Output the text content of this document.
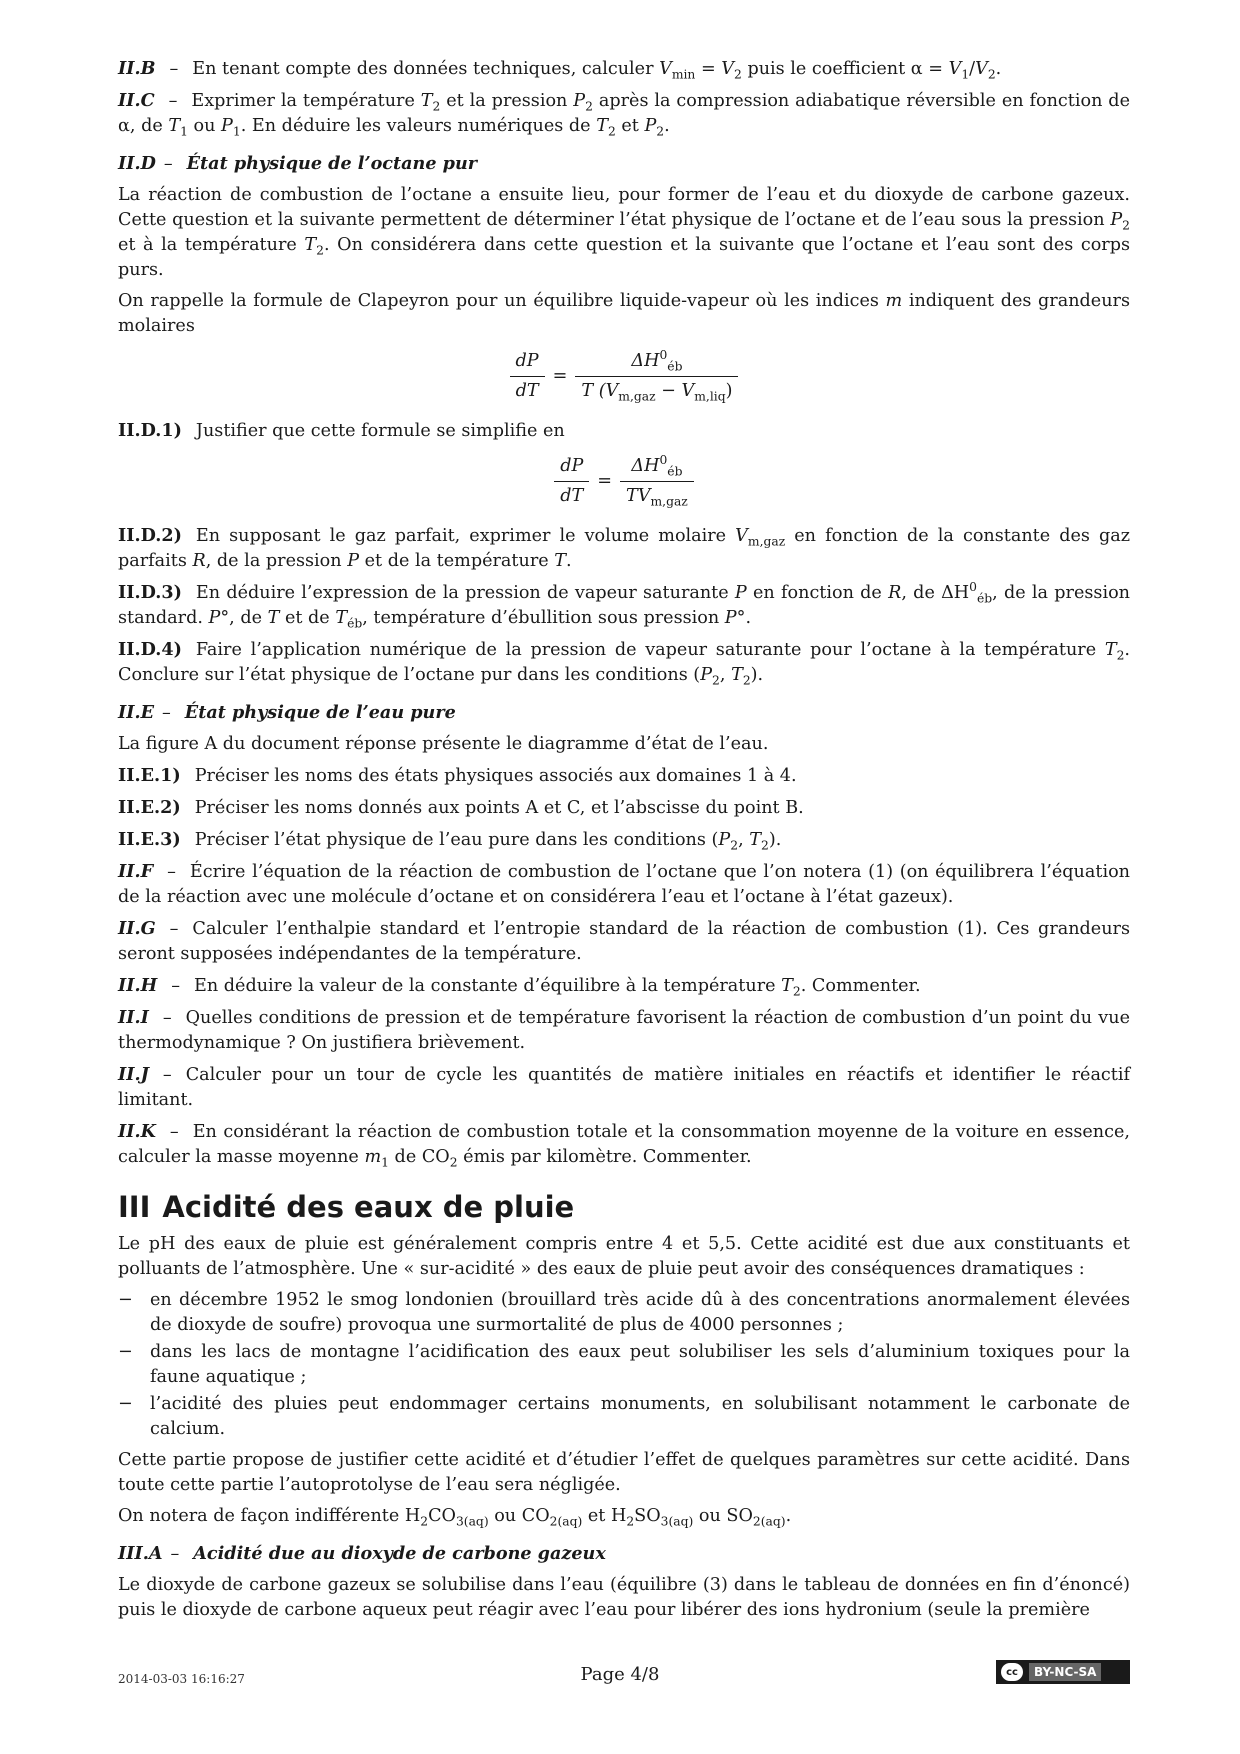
II.B – En tenant compte des données techniques, calculer $V_{min} = V_2$ puis le coefficient $\alpha = V_1/V_2$.

II.C – Exprimer la température $T_2$ et la pression $P_2$ après la compression adiabatique réversible en fonction de α, de $T_1$ ou $P_1$. En déduire les valeurs numériques de $T_2$ et $P_2$.

II.D – État physique de l’octane pur

La réaction de combustion de l’octane a ensuite lieu, pour former de l’eau et du dioxyde de carbone gazeux. Cette question et la suivante permettent de déterminer l’état physique de l’octane et de l’eau sous la pression $P_2$ et à la température $T_2$. On considérera dans cette question et la suivante que l’octane et l’eau sont des corps purs.

On rappelle la formule de Clapeyron pour un équilibre liquide-vapeur où les indices m indiquent des grandeurs molaires

$\frac{dP}{dT} = \frac{\Delta H^0_{éb}}{T (V_{m,gaz} - V_{m,liq})}$

II.D.1) Justifier que cette formule se simplifie en

$\frac{dP}{dT} = \frac{\Delta H^0_{éb}}{TV_{m,gaz}}$

II.D.2) En supposant le gaz parfait, exprimer le volume molaire $V_{m,gaz}$ en fonction de la constante des gaz parfaits R, de la pression P et de la température T.

II.D.3) En déduire l’expression de la pression de vapeur saturante P en fonction de R, de $\Delta H^0_{éb}$, de la pression standard. P°, de T et de $T_{éb}$, température d’ébullition sous pression P°.

II.D.4) Faire l’application numérique de la pression de vapeur saturante pour l’octane à la température $T_2$. Conclure sur l’état physique de l’octane pur dans les conditions ($P_2$, $T_2$).

II.E – État physique de l’eau pure

La figure A du document réponse présente le diagramme d’état de l’eau.

II.E.1) Préciser les noms des états physiques associés aux domaines 1 à 4.

II.E.2) Préciser les noms donnés aux points A et C, et l’abscisse du point B.

II.E.3) Préciser l’état physique de l’eau pure dans les conditions ($P_2$, $T_2$).

II.F – Écrire l’équation de la réaction de combustion de l’octane que l’on notera (1) (on équilibrera l’équation de la réaction avec une molécule d’octane et on considérera l’eau et l’octane à l’état gazeux).

II.G – Calculer l’enthalpie standard et l’entropie standard de la réaction de combustion (1). Ces grandeurs seront supposées indépendantes de la température.

II.H – En déduire la valeur de la constante d’équilibre à la température $T_2$. Commenter.

II.I – Quelles conditions de pression et de température favorisent la réaction de combustion d’un point du vue thermodynamique ? On justifiera brièvement.

II.J – Calculer pour un tour de cycle les quantités de matière initiales en réactifs et identifier le réactif limitant.

II.K – En considérant la réaction de combustion totale et la consommation moyenne de la voiture en essence, calculer la masse moyenne $m_1$ de $CO_2$ émis par kilomètre. Commenter.

III Acidité des eaux de pluie

Le pH des eaux de pluie est généralement compris entre 4 et 5,5. Cette acidité est due aux constituants et polluants de l’atmosphère. Une « sur-acidité » des eaux de pluie peut avoir des conséquences dramatiques :

− en décembre 1952 le smog londonien (brouillard très acide dû à des concentrations anormalement élevées de dioxyde de soufre) provoqua une surmortalité de plus de 4000 personnes ;
− dans les lacs de montagne l’acidification des eaux peut solubiliser les sels d’aluminium toxiques pour la faune aquatique ;
− l’acidité des pluies peut endommager certains monuments, en solubilisant notamment le carbonate de calcium.

Cette partie propose de justifier cette acidité et d’étudier l’effet de quelques paramètres sur cette acidité. Dans toute cette partie l’autoprotolyse de l’eau sera négligée.

On notera de façon indifférente $H_2CO_{3(aq)}$ ou $CO_{2(aq)}$ et $H_2SO_{3(aq)}$ ou $SO_{2(aq)}$.

III.A – Acidité due au dioxyde de carbone gazeux

Le dioxyde de carbone gazeux se solubilise dans l’eau (équilibre (3) dans le tableau de données en fin d’énoncé) puis le dioxyde de carbone aqueux peut réagir avec l’eau pour libérer des ions hydronium (seule la première

2014-03-03 16:16:27	Page 4/8	cc	BY-NC-SA
